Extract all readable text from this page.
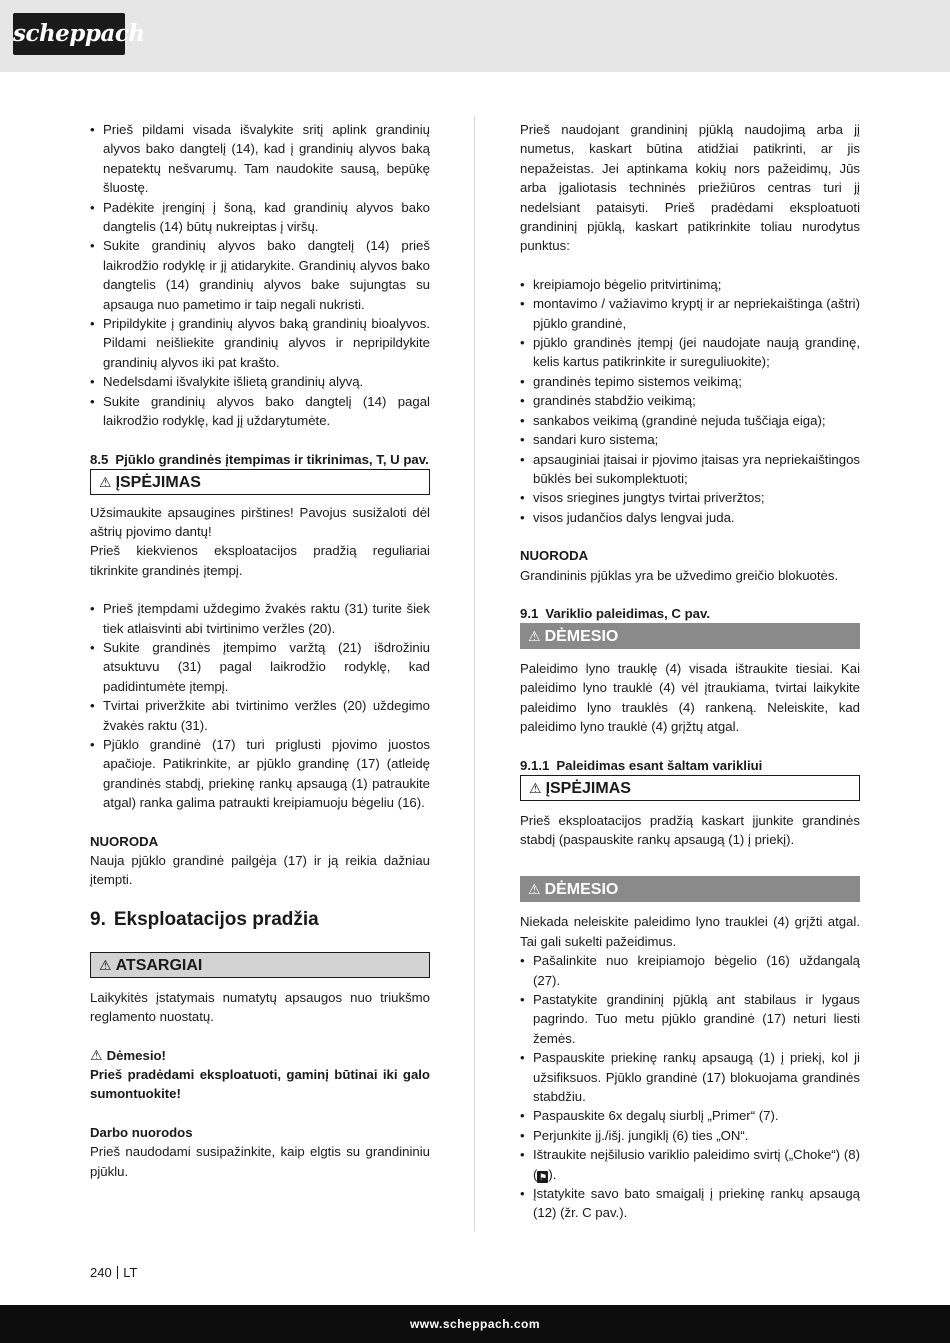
scheppach
• Prieš pildami visada išvalykite sritį aplink grandinių alyvos bako dangtelį (14), kad į grandinių alyvos baką nepatektų nešvarumų. Tam naudokite sausą, bepūkę šluostę.
• Padėkite įrenginį į šoną, kad grandinių alyvos bako dangtelis (14) būtų nukreiptas į viršų.
• Sukite grandinių alyvos bako dangtelį (14) prieš laikrodžio rodyklę ir jį atidarykite. Grandinių alyvos bako dangtelis (14) grandinių alyvos bake sujungtas su apsauga nuo pametimo ir taip negali nukristi.
• Pripildykite į grandinių alyvos baką grandinių bioalyvos. Pildami neišliekite grandinių alyvos ir nepripildykite grandinių alyvos iki pat krašto.
• Nedelsdami išvalykite išlietą grandinių alyvą.
• Sukite grandinių alyvos bako dangtelį (14) pagal laikrodžio rodyklę, kad jį uždarytumėte.
8.5 Pjūklo grandinės įtempimas ir tikrinimas, T, U pav.
⚠ ĮSPĖJIMAS

Užsimaukite apsaugines pirštines! Pavojus susižaloti dėl aštrių pjovimo dantų!

Prieš kiekvienos eksploatacijos pradžią reguliariai tikrinkite grandinės įtempį.

• Prieš įtempdami uždegimo žvakės raktu (31) turite šiek tiek atlaisvinti abi tvirtinimo veržles (20).
• Sukite grandinės įtempimo varžtą (21) išdrožiniu atsuktuvu (31) pagal laikrodžio rodyklę, kad padidintumėte įtempį.
• Tvirtai priveržkite abi tvirtinimo veržles (20) uždegimo žvakės raktu (31).
• Pjūklo grandinė (17) turi priglusti pjovimo juostos apačioje. Patikrinkite, ar pjūklo grandinę (17) (atleidę grandinės stabdį, priekinę rankų apsaugą (1) patraukite atgal) ranka galima patraukti kreipiamuoju bėgeliu (16).

NUORODA

Nauja pjūklo grandinė pailgėja (17) ir ją reikia dažniau įtempti.

9. Eksploatacijos pradžia
⚠ ATSARGIAI

Laikykitės įstatymais numatytų apsaugos nuo triukšmo reglamento nuostatų.

⚠ Dėmesio!

Prieš pradėdami eksploatuoti, gaminį būtinai iki galo sumontuokite!

Darbo nuorodos

Prieš naudodami susipažinkite, kaip elgtis su grandininiu pjūklu.

Prieš naudojant grandininį pjūklą naudojimą arba jį numetus, kaskart būtina atidžiai patikrinti, ar jis nepažeistas. Jei aptinkama kokių nors pažeidimų, Jūs arba įgaliotasis techninės priežiūros centras turi jį nedelsiant pataisyti. Prieš pradėdami eksploatuoti grandininį pjūklą, kaskart patikrinkite toliau nurodytus punktus:

• kreipiamojo bėgelio pritvirtinimą;
• montavimo / važiavimo kryptį ir ar nepriekaištinga (aštri) pjūklo grandinė,
• pjūklo grandinės įtempį (jei naudojate naują grandinę, kelis kartus patikrinkite ir sureguliuokite);
• grandinės tepimo sistemos veikimą;
• grandinės stabdžio veikimą;
• sankabos veikimą (grandinė nejuda tuščiąja eiga);
• sandari kuro sistema;
• apsauginiai įtaisai ir pjovimo įtaisas yra nepriekaištingos būklės bei sukomplektuoti;
• visos sriegines jungtys tvirtai priveržtos;
• visos judančios dalys lengvai juda.

NUORODA

Grandininis pjūklas yra be užvedimo greičio blokuotės.

9.1 Variklio paleidimas, C pav.
⚠ DĖMESIO

Paleidimo lyno trauklę (4) visada ištraukite tiesiai. Kai paleidimo lyno trauklė (4) vėl įtraukiama, tvirtai laikykite paleidimo lyno trauklės (4) rankeną. Neleiskite, kad paleidimo lyno trauklė (4) grįžtų atgal.

9.1.1 Paleidimas esant šaltam varikliui
⚠ ĮSPĖJIMAS

Prieš eksploatacijos pradžią kaskart įjunkite grandinės stabdį (paspauskite rankų apsaugą (1) į priekį).

⚠ DĖMESIO

Niekada neleiskite paleidimo lyno trauklei (4) grįžti atgal. Tai gali sukelti pažeidimus.

• Pašalinkite nuo kreipiamojo bėgelio (16) uždangalą (27).
• Pastatykite grandininį pjūklą ant stabilaus ir lygaus pagrindo. Tuo metu pjūklo grandinė (17) neturi liesti žemės.
• Paspauskite priekinę rankų apsaugą (1) į priekį, kol ji užsifiksuos. Pjūklo grandinė (17) blokuojama grandinės stabdžiu.
• Paspauskite 6x degalų siurblį „Primer“ (7).
• Perjunkite įj./išj. jungiklį (6) ties „ON“.
• Ištraukite neįšilusio variklio paleidimo svirtį („Choke“) (8) (⚑).
• Įstatykite savo bato smaigalį į priekinę rankų apsaugą (12) (žr. C pav.).
240 LT
www.scheppach.com
